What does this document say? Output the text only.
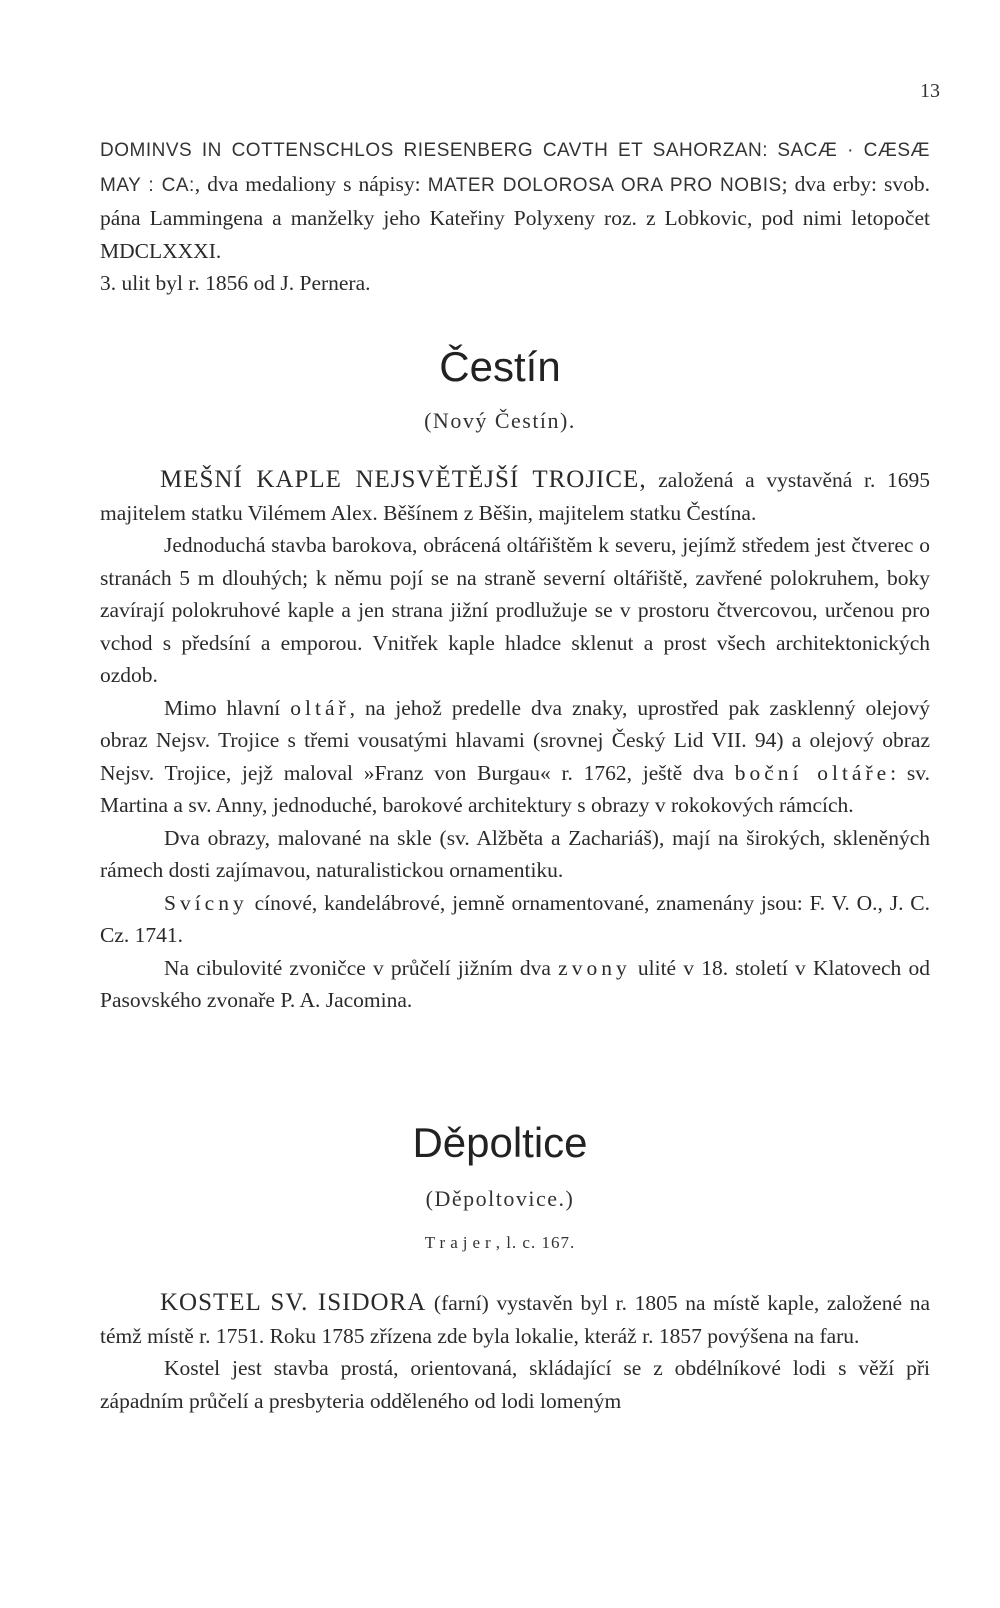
13

DOMINVS IN COTTENSCHLOS RIESENBERG CAVTH ET SAHORZAN: SACÆ · CÆSÆ MAY : CA:, dva medaliony s nápisy: MATER DOLOROSA ORA PRO NOBIS; dva erby: svob. pána Lammingena a manželky jeho Kateřiny Polyxeny roz. z Lobkovic, pod nimi letopočet MDCLXXXI.

3. ulit byl r. 1856 od J. Pernera.

Čestín
(Nový Čestín).

MEŠNÍ KAPLE NEJSVĚTĚJŠÍ TROJICE, založená a vystavěná r. 1695 majitelem statku Vilémem Alex. Běšínem z Běšin, majitelem statku Čestína.

Jednoduchá stavba barokova, obrácená oltářištěm k severu, jejímž středem jest čtverec o stranách 5 m dlouhých; k němu pojí se na straně severní oltářiště, zavřené polokruhem, boky zavírají polokruhové kaple a jen strana jižní prodlužuje se v prostoru čtvercovou, určenou pro vchod s předsíní a emporou. Vnitřek kaple hladce sklenut a prost všech architektonických ozdob.

Mimo hlavní oltář, na jehož predelle dva znaky, uprostřed pak zasklenný olejový obraz Nejsv. Trojice s třemi vousatými hlavami (srovnej Český Lid VII. 94) a olejový obraz Nejsv. Trojice, jejž maloval »Franz von Burgau« r. 1762, ještě dva boční oltáře: sv. Martina a sv. Anny, jednoduché, barokové architektury s obrazy v rokokových rámcích.

Dva obrazy, malované na skle (sv. Alžběta a Zachariáš), mají na širokých, skleněných rámech dosti zajímavou, naturalistickou ornamentiku.

Svícny cínové, kandelábrové, jemně ornamentované, znamenány jsou: F. V. O., J. C. Cz. 1741.

Na cibulovité zvoničce v průčelí jižním dva zvony ulité v 18. století v Klatovech od Pasovského zvonaře P. A. Jacomina.

Děpoltice
(Děpoltovice.)
Trajer, l. c. 167.

KOSTEL SV. ISIDORA (farní) vystavěn byl r. 1805 na místě kaple, založené na témž místě r. 1751. Roku 1785 zřízena zde byla lokalie, kteráž r. 1857 povýšena na faru.

Kostel jest stavba prostá, orientovaná, skládající se z obdélníkové lodi s věží při západním průčelí a presbyteria odděleného od lodi lomeným
